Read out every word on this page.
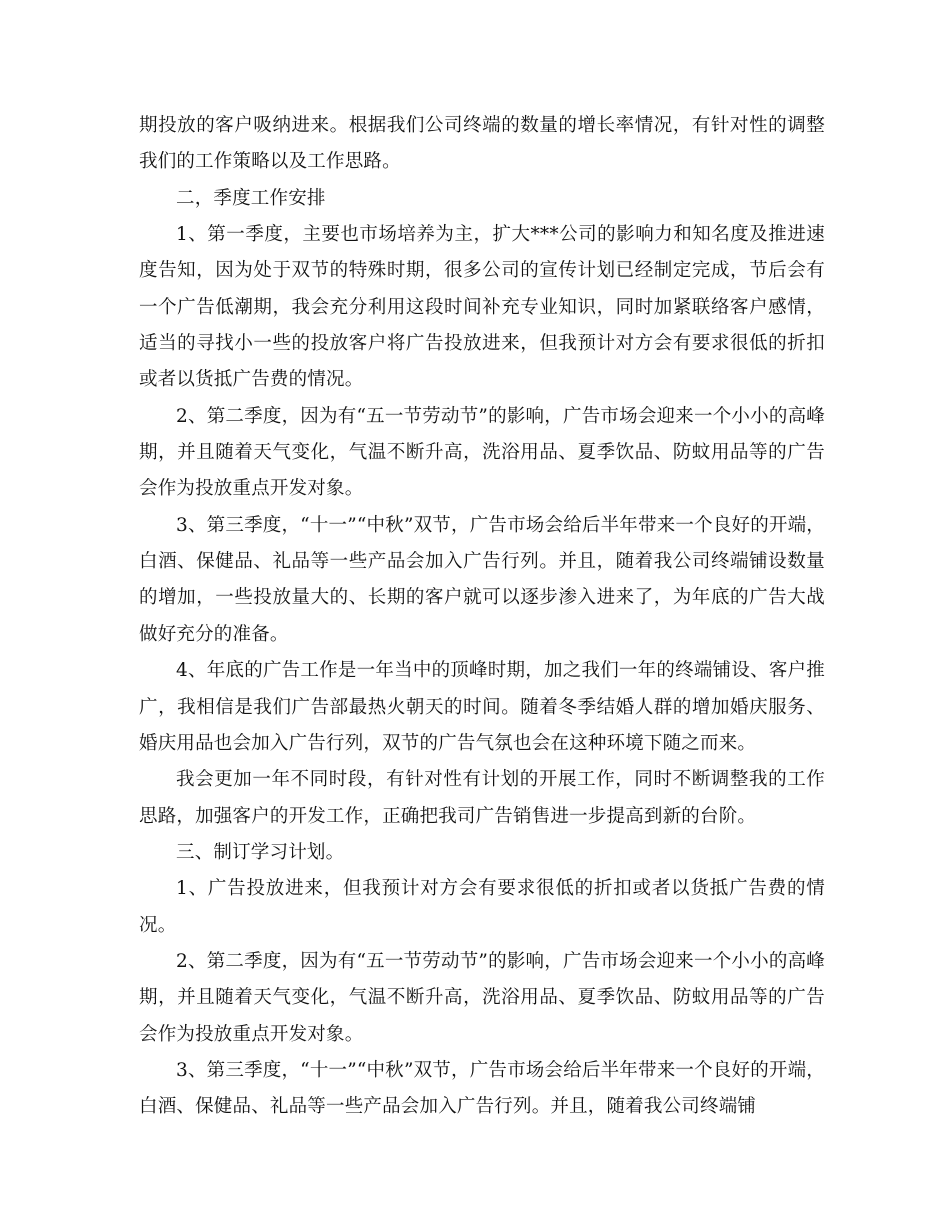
期投放的客户吸纳进来。根据我们公司终端的数量的增长率情况，有针对性的调整我们的工作策略以及工作思路。

二，季度工作安排

1、第一季度，主要也市场培养为主，扩大***公司的影响力和知名度及推进速度告知，因为处于双节的特殊时期，很多公司的宣传计划已经制定完成，节后会有一个广告低潮期，我会充分利用这段时间补充专业知识，同时加紧联络客户感情，适当的寻找小一些的投放客户将广告投放进来，但我预计对方会有要求很低的折扣或者以货抵广告费的情况。

2、第二季度，因为有“五一节劳动节”的影响，广告市场会迎来一个小小的高峰期，并且随着天气变化，气温不断升高，洗浴用品、夏季饮品、防蚊用品等的广告会作为投放重点开发对象。

3、第三季度，“十一”“中秋”双节，广告市场会给后半年带来一个良好的开端，白酒、保健品、礼品等一些产品会加入广告行列。并且，随着我公司终端铺设数量的增加，一些投放量大的、长期的客户就可以逐步渗入进来了，为年底的广告大战做好充分的准备。

4、年底的广告工作是一年当中的顶峰时期，加之我们一年的终端铺设、客户推广，我相信是我们广告部最热火朝天的时间。随着冬季结婚人群的增加婚庆服务、婚庆用品也会加入广告行列，双节的广告气氛也会在这种环境下随之而来。

我会更加一年不同时段，有针对性有计划的开展工作，同时不断调整我的工作思路，加强客户的开发工作，正确把我司广告销售进一步提高到新的台阶。

三、制订学习计划。

1、广告投放进来，但我预计对方会有要求很低的折扣或者以货抵广告费的情况。

2、第二季度，因为有“五一节劳动节”的影响，广告市场会迎来一个小小的高峰期，并且随着天气变化，气温不断升高，洗浴用品、夏季饮品、防蚊用品等的广告会作为投放重点开发对象。

3、第三季度，“十一”“中秋”双节，广告市场会给后半年带来一个良好的开端，白酒、保健品、礼品等一些产品会加入广告行列。并且，随着我公司终端铺
